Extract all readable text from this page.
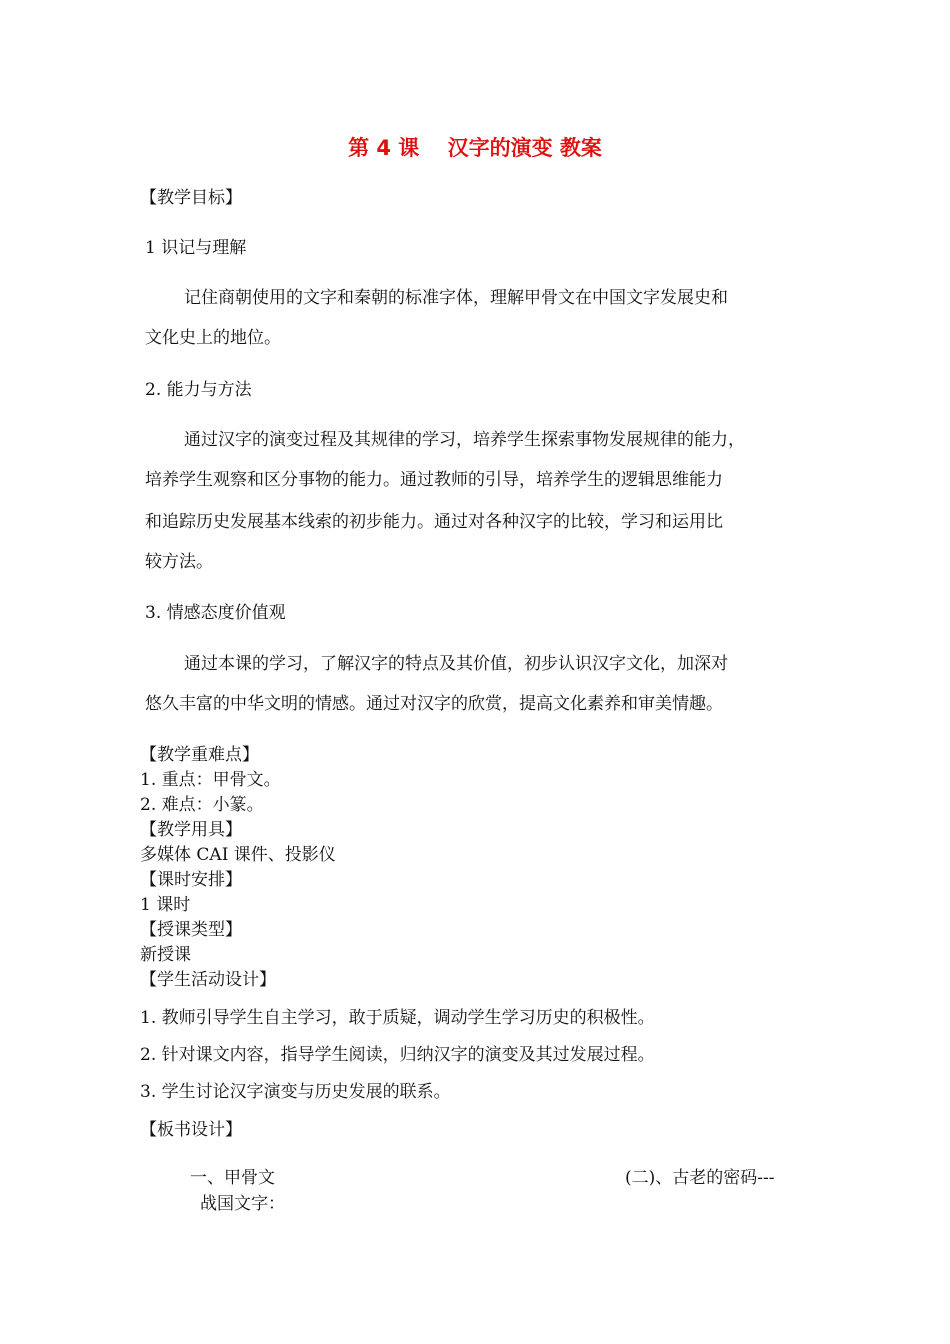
第 4 课　 汉字的演变 教案
【教学目标】
1 识记与理解
记住商朝使用的文字和秦朝的标准字体，理解甲骨文在中国文字发展史和
文化史上的地位。
2. 能力与方法
通过汉字的演变过程及其规律的学习，培养学生探索事物发展规律的能力，
培养学生观察和区分事物的能力。通过教师的引导，培养学生的逻辑思维能力
和追踪历史发展基本线索的初步能力。通过对各种汉字的比较，学习和运用比
较方法。
3. 情感态度价值观
通过本课的学习，了解汉字的特点及其价值，初步认识汉字文化，加深对
悠久丰富的中华文明的情感。通过对汉字的欣赏，提高文化素养和审美情趣。
【教学重难点】
1. 重点：甲骨文。
2. 难点：小篆。
【教学用具】
多媒体 CAI 课件、投影仪
【课时安排】
1 课时
【授课类型】
新授课
【学生活动设计】
1. 教师引导学生自主学习，敢于质疑，调动学生学习历史的积极性。
2. 针对课文内容，指导学生阅读，归纳汉字的演变及其过发展过程。
3. 学生讨论汉字演变与历史发展的联系。
【板书设计】
一、甲骨文	(二)、古老的密码---
战国文字：
